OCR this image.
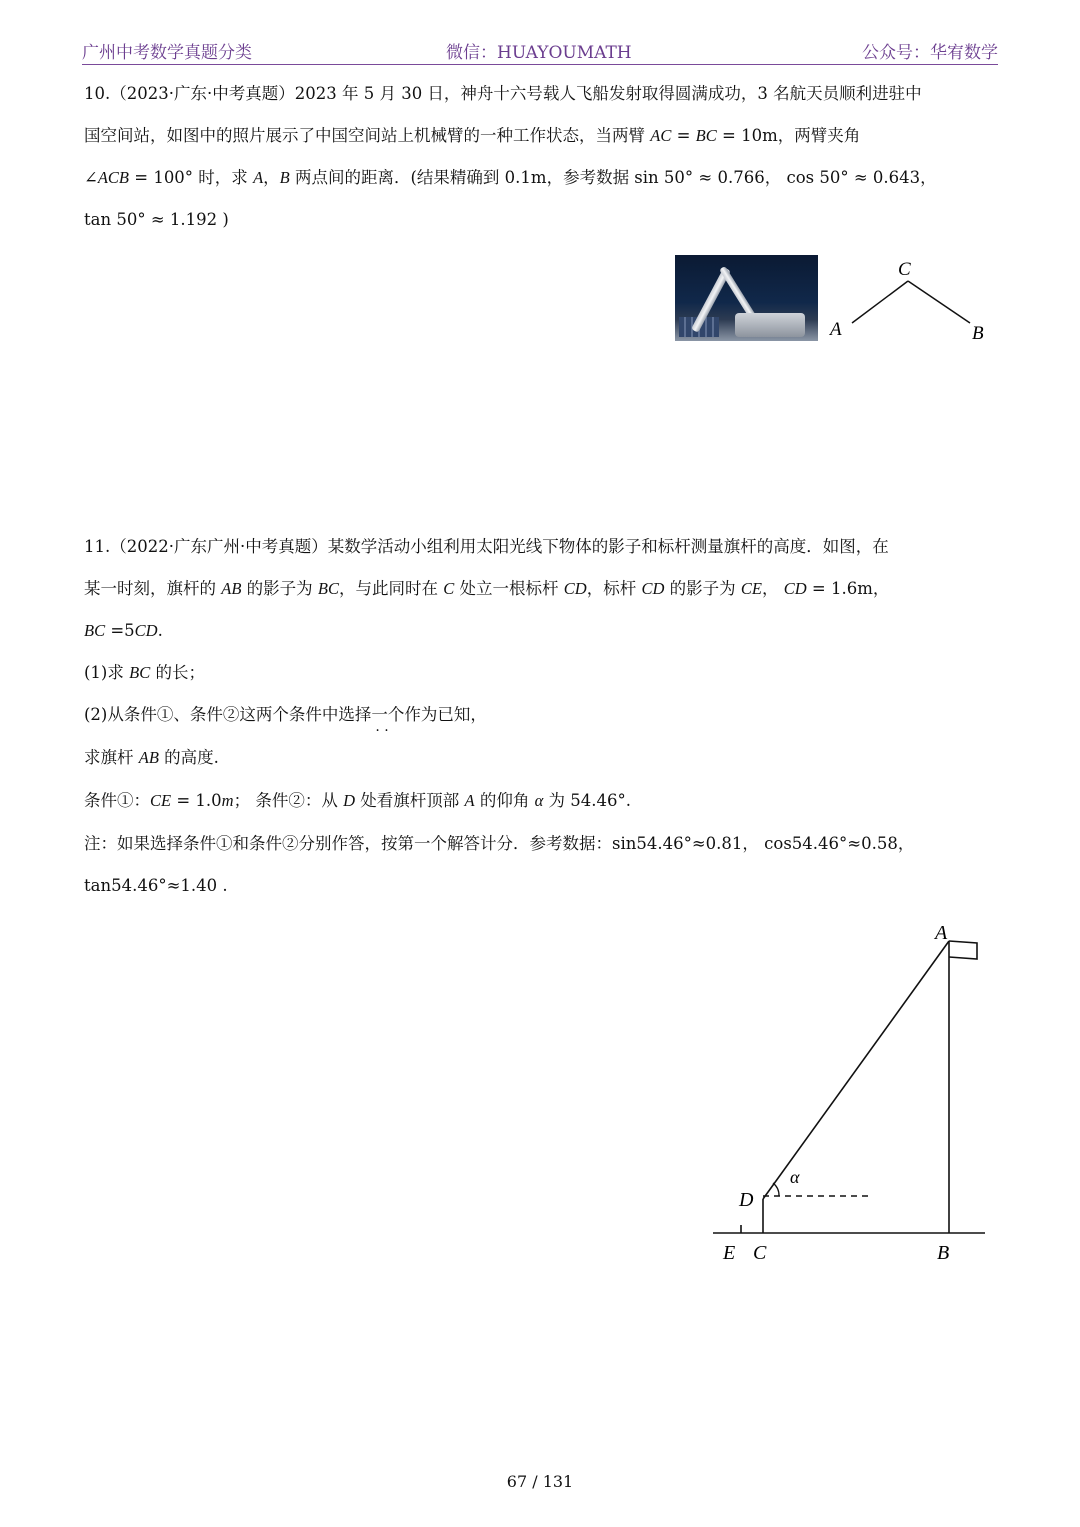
广州中考数学真题分类	微信：HUAYOUMATH	公众号：华宥数学
10.（2023·广东·中考真题）2023 年 5 月 30 日，神舟十六号载人飞船发射取得圆满成功，3 名航天员顺利进驻中
国空间站，如图中的照片展示了中国空间站上机械臂的一种工作状态，当两臂 AC = BC = 10m，两臂夹角
∠ACB = 100° 时，求 A，B 两点间的距离．(结果精确到 0.1m，参考数据 sin 50° ≈ 0.766， cos 50° ≈ 0.643，
tan 50° ≈ 1.192 )
C
A	B
11.（2022·广东广州·中考真题）某数学活动小组利用太阳光线下物体的影子和标杆测量旗杆的高度．如图，在
某一时刻，旗杆的 AB 的影子为 BC，与此同时在 C 处立一根标杆 CD，标杆 CD 的影子为 CE， CD = 1.6m，
BC =5CD.
(1)求 BC 的长；
(2)从条件①、条件②这两个条件中选择一个 · ·作为已知，
求旗杆 AB 的高度.
条件①：CE = 1.0m； 条件②：从 D 处看旗杆顶部 A 的仰角 α 为 54.46°.
注：如果选择条件①和条件②分别作答，按第一个解答计分．参考数据：sin54.46°≈0.81， cos54.46°≈0.58，
tan54.46°≈1.40 .
α
A
D
E C	B
67 / 131
